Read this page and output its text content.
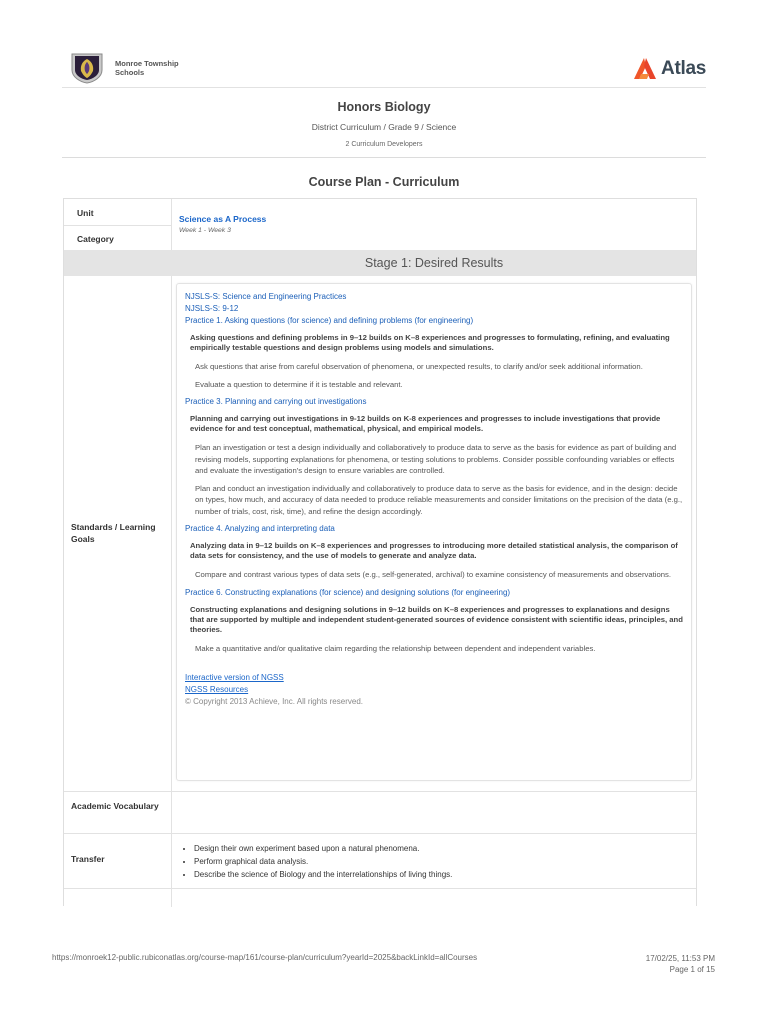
Monroe Township Schools	Atlas
Honors Biology
District Curriculum / Grade 9 / Science
2 Curriculum Developers
Course Plan - Curriculum
Unit
Category
Science as A Process
Week 1 - Week 3
Stage 1: Desired Results
Standards / Learning Goals
NJSLS-S: Science and Engineering Practices
NJSLS-S: 9-12
Practice 1. Asking questions (for science) and defining problems (for engineering)
Asking questions and defining problems in 9–12 builds on K–8 experiences and progresses to formulating, refining, and evaluating empirically testable questions and design problems using models and simulations.
Ask questions that arise from careful observation of phenomena, or unexpected results, to clarify and/or seek additional information.
Evaluate a question to determine if it is testable and relevant.
Practice 3. Planning and carrying out investigations
Planning and carrying out investigations in 9-12 builds on K-8 experiences and progresses to include investigations that provide evidence for and test conceptual, mathematical, physical, and empirical models.
Plan an investigation or test a design individually and collaboratively to produce data to serve as the basis for evidence as part of building and revising models, supporting explanations for phenomena, or testing solutions to problems. Consider possible confounding variables or effects and evaluate the investigation's design to ensure variables are controlled.
Plan and conduct an investigation individually and collaboratively to produce data to serve as the basis for evidence, and in the design: decide on types, how much, and accuracy of data needed to produce reliable measurements and consider limitations on the precision of the data (e.g., number of trials, cost, risk, time), and refine the design accordingly.
Practice 4. Analyzing and interpreting data
Analyzing data in 9–12 builds on K–8 experiences and progresses to introducing more detailed statistical analysis, the comparison of data sets for consistency, and the use of models to generate and analyze data.
Compare and contrast various types of data sets (e.g., self-generated, archival) to examine consistency of measurements and observations.
Practice 6. Constructing explanations (for science) and designing solutions (for engineering)
Constructing explanations and designing solutions in 9–12 builds on K–8 experiences and progresses to explanations and designs that are supported by multiple and independent student-generated sources of evidence consistent with scientific ideas, principles, and theories.
Make a quantitative and/or qualitative claim regarding the relationship between dependent and independent variables.
Interactive version of NGSS
NGSS Resources
© Copyright 2013 Achieve, Inc. All rights reserved.
Academic Vocabulary
Transfer
• Design their own experiment based upon a natural phenomena.
• Perform graphical data analysis.
• Describe the science of Biology and the interrelationships of living things.
https://monroek12-public.rubiconatlas.org/course-map/161/course-plan/curriculum?yearId=2025&backLinkId=allCourses	17/02/25, 11:53 PM
Page 1 of 15
